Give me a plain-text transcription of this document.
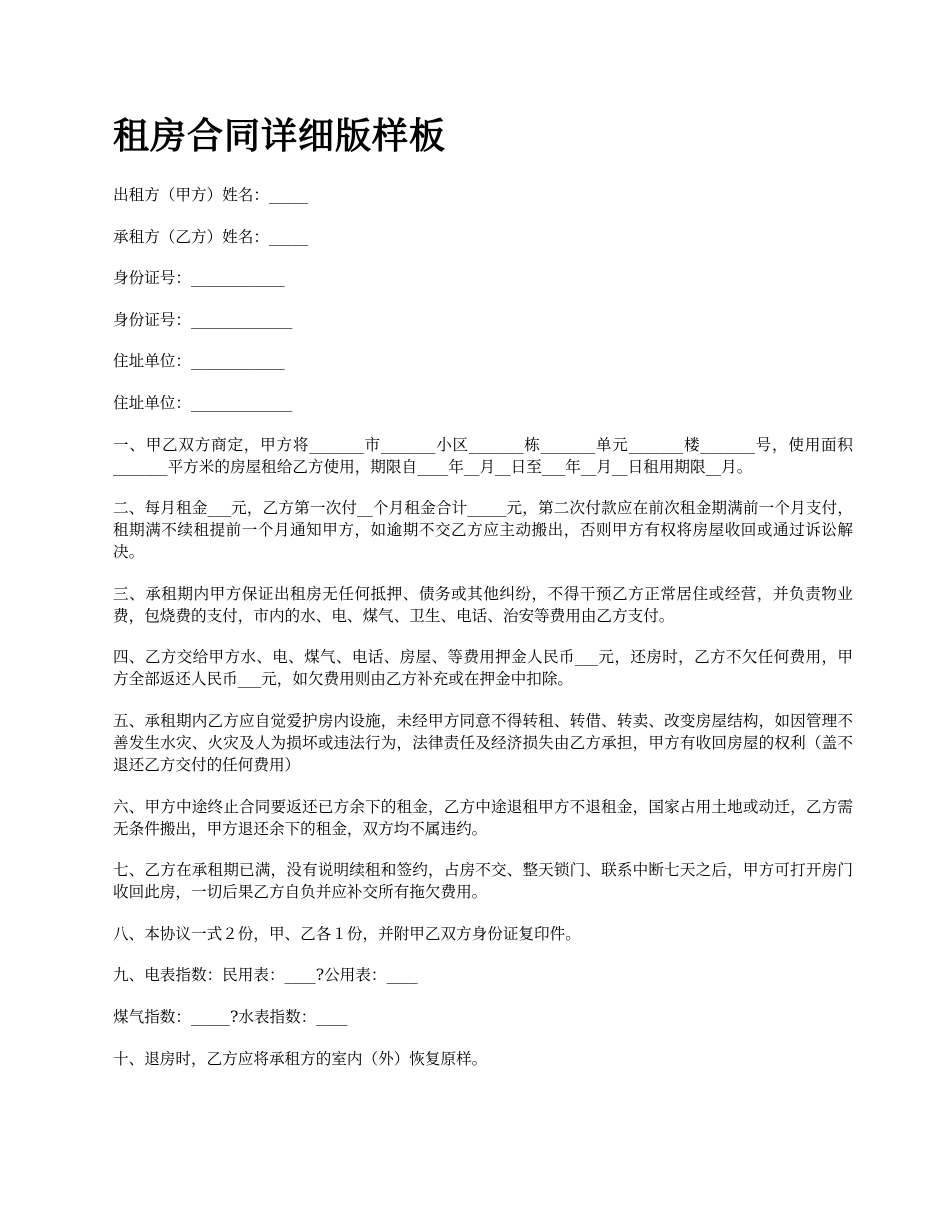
租房合同详细版样板
出租方（甲方）姓名：_____
承租方（乙方）姓名：_____
身份证号：____________
身份证号：_____________
住址单位：____________
住址单位：_____________

一、甲乙双方商定，甲方将_______市_______小区_______栋_______单元_______楼_______号，使用面积_______平方米的房屋租给乙方使用，期限自____年__月__日至___年__月__日租用期限__月。

二、每月租金___元，乙方第一次付__个月租金合计_____元，第二次付款应在前次租金期满前一个月支付，租期满不续租提前一个月通知甲方，如逾期不交乙方应主动搬出，否则甲方有权将房屋收回或通过诉讼解决。

三、承租期内甲方保证出租房无任何抵押、债务或其他纠纷，不得干预乙方正常居住或经营，并负责物业费，包烧费的支付，市内的水、电、煤气、卫生、电话、治安等费用由乙方支付。

四、乙方交给甲方水、电、煤气、电话、房屋、等费用押金人民币___元，还房时，乙方不欠任何费用，甲方全部返还人民币___元，如欠费用则由乙方补充或在押金中扣除。

五、承租期内乙方应自觉爱护房内设施，未经甲方同意不得转租、转借、转卖、改变房屋结构，如因管理不善发生水灾、火灾及人为损坏或违法行为，法律责任及经济损失由乙方承担，甲方有收回房屋的权利（盖不退还乙方交付的任何费用）

六、甲方中途终止合同要返还已方余下的租金，乙方中途退租甲方不退租金，国家占用土地或动迁，乙方需无条件搬出，甲方退还余下的租金，双方均不属违约。

七、乙方在承租期已满，没有说明续租和签约，占房不交、整天锁门、联系中断七天之后，甲方可打开房门收回此房，一切后果乙方自负并应补交所有拖欠费用。

八、本协议一式２份，甲、乙各１份，并附甲乙双方身份证复印件。

九、电表指数：民用表：____?公用表：____

煤气指数：_____?水表指数：____

十、退房时，乙方应将承租方的室内（外）恢复原样。
